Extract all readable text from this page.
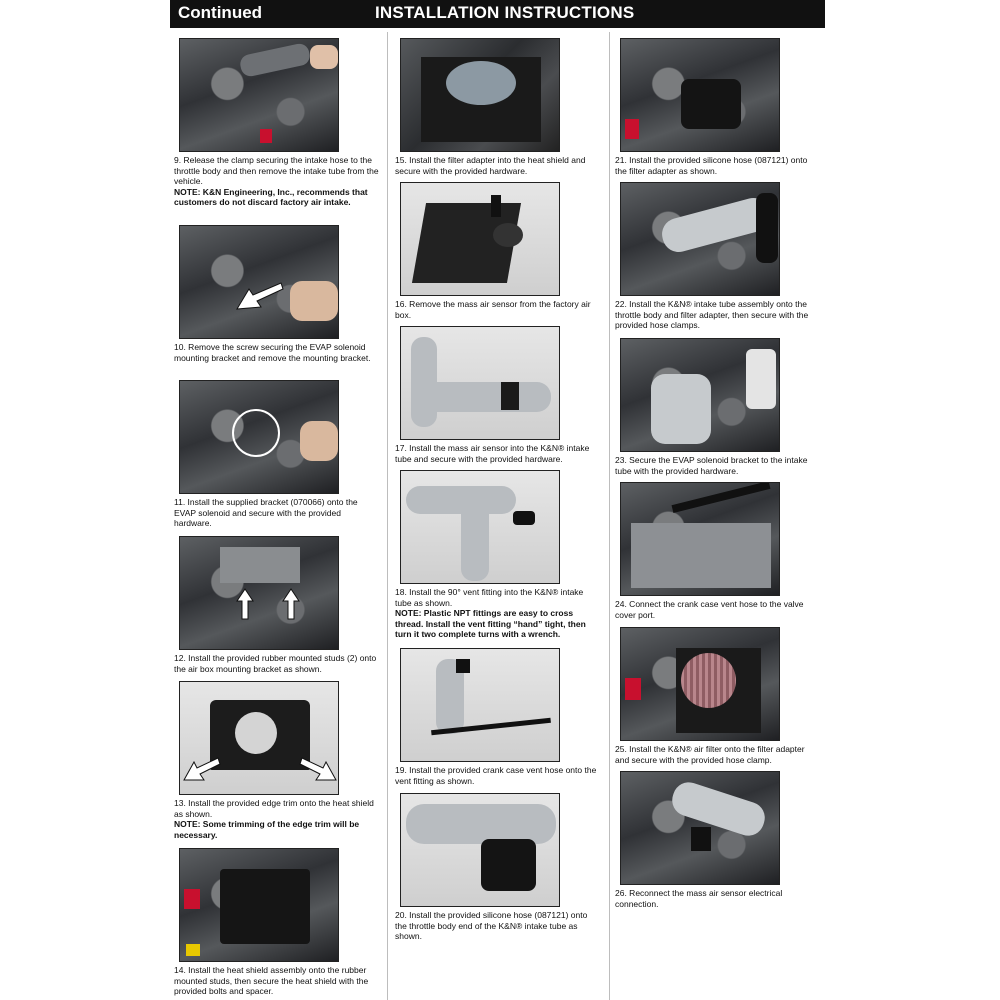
Continued	INSTALLATION INSTRUCTIONS
9. Release the clamp securing the intake hose to the throttle body and then remove the intake tube from the vehicle.
NOTE: K&N Engineering, Inc., recommends that customers do not discard factory air intake.
10. Remove the screw securing the EVAP solenoid mounting bracket and remove the mounting bracket.
11. Install the supplied bracket (070066) onto the EVAP solenoid and secure with the provided hardware.
12. Install the provided rubber mounted studs (2) onto the air box mounting bracket as shown.
13. Install the provided edge trim onto the heat shield as shown.
NOTE: Some trimming of the edge trim will be necessary.
14. Install the heat shield assembly onto the rubber mounted studs, then secure the heat shield with the provided bolts and spacer.
15. Install the filter adapter into the heat shield and secure with the provided hardware.
16. Remove the mass air sensor from the factory air box.
17. Install the mass air sensor into the K&N® intake tube and secure with the provided hardware.
18. Install the 90° vent fitting into the K&N® intake tube as shown.
NOTE: Plastic NPT fittings are easy to cross thread. Install the vent fitting “hand” tight, then turn it two complete turns with a wrench.
19. Install the provided crank case vent hose onto the vent fitting as shown.
20. Install the provided silicone hose (087121) onto the throttle body end of the K&N® intake tube as shown.
21. Install the provided silicone hose (087121) onto the filter adapter as shown.
22. Install the K&N® intake tube assembly onto the throttle body and filter adapter, then secure with the provided hose clamps.
23. Secure the EVAP solenoid bracket to the intake tube with the provided hardware.
24. Connect the crank case vent hose to the valve cover port.
25. Install the K&N® air filter onto the filter adapter and secure with the provided hose clamp.
26. Reconnect the mass air sensor electrical connection.
